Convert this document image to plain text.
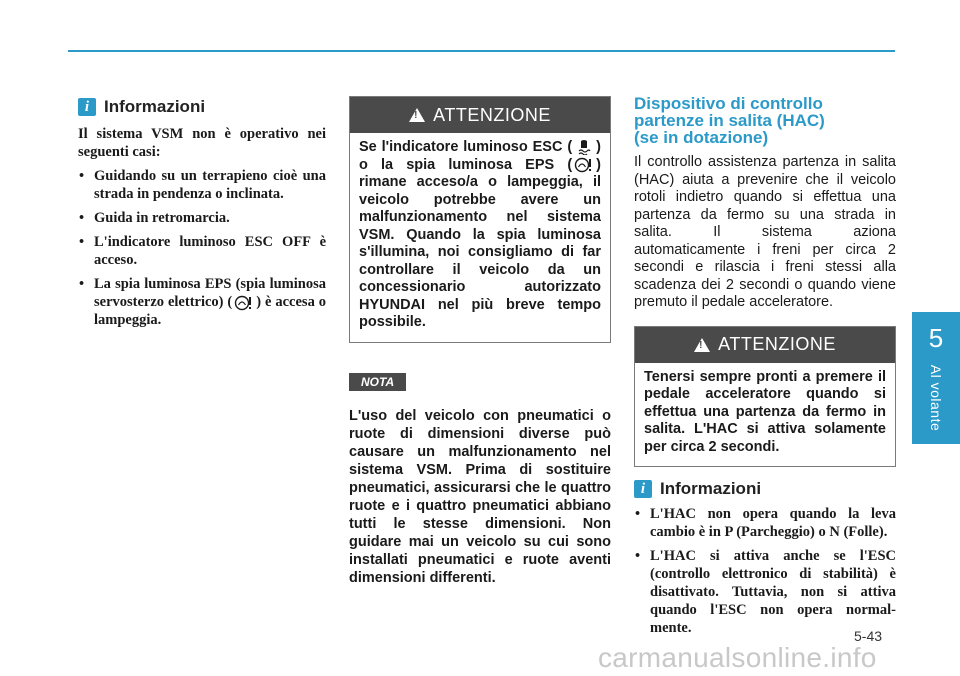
5
Al volante
i Informazioni

Il sistema VSM non è operativo nei seguenti casi:

• Guidando su un terrapieno cioè una strada in pendenza o inclinata.
• Guida in retromarcia.
• L'indicatore luminoso ESC OFF è acceso.
• La spia luminosa EPS (spia luminosa servosterzo elettrico) ( ) è accesa o lampeggia.
!
ATTENZIONE
Se l'indicatore luminoso ESC ( ) o la spia luminosa EPS ( ) rimane acceso/a o lampeggia, il veicolo potrebbe avere un malfunzionamento nel sistema VSM. Quando la spia luminosa s'illumina, noi consigliamo di far controllare il veicolo da un concessionario autorizzato HYUNDAI nel più breve tempo possibile.
NOTA
L'uso del veicolo con pneumatici o ruote di dimensioni diverse può causare un malfunzionamento nel sistema VSM. Prima di sostituire pneumatici, assicurarsi che le quattro ruote e i quattro pneumatici abbiano tutti le stesse dimensioni. Non guidare mai un veicolo su cui sono installati pneumatici e ruote aventi dimensioni differenti.
Dispositivo di controllo
partenze in salita (HAC)
(se in dotazione)
Il controllo assistenza partenza in salita (HAC) aiuta a prevenire che il veicolo rotoli indietro quando si effettua una partenza da fermo su una strada in salita. Il sistema aziona automaticamente i freni per circa 2 secondi e rilascia i freni stessi alla scadenza dei 2 secondi o quando viene premuto il pedale acceleratore.
!
ATTENZIONE
Tenersi sempre pronti a premere il pedale acceleratore quando si effettua una partenza da fermo in salita. L'HAC si attiva solamente per circa 2 secondi.
i Informazioni
• L'HAC non opera quando la leva cambio è in P (Parcheggio) o N (Folle).
• L'HAC si attiva anche se l'ESC (controllo elettronico di stabilità) è disattivato. Tuttavia, non si attiva quando l'ESC non opera normal-mente.	5-43
carmanualsonline.info
